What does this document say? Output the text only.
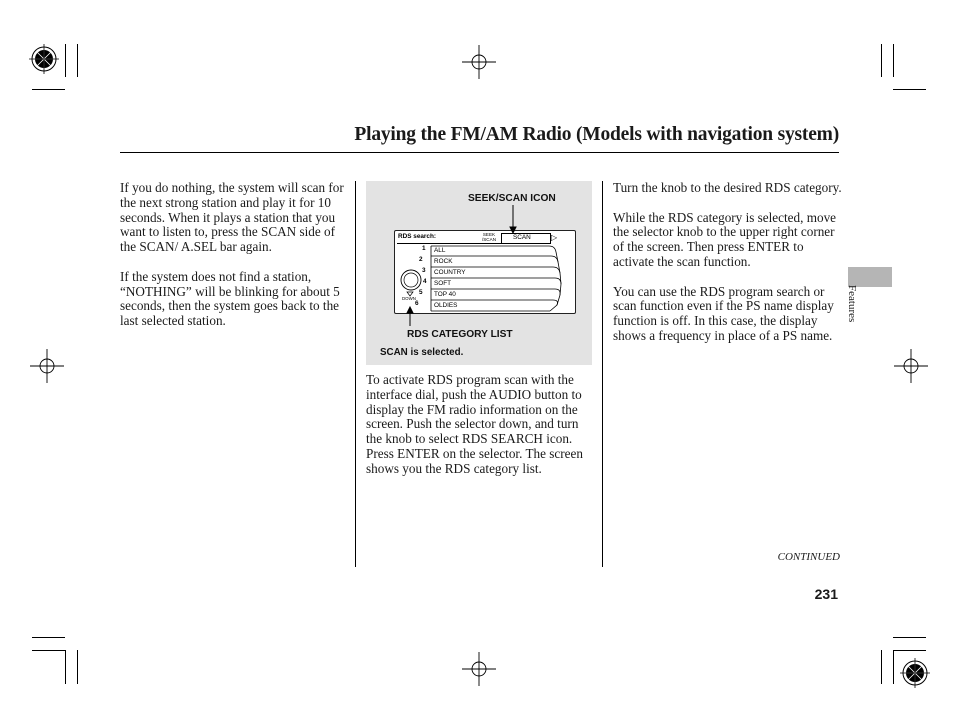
Playing the FM/AM Radio (Models with navigation system)

If you do nothing, the system will scan for the next strong station and play it for 10 seconds. When it plays a station that you want to listen to, press the SCAN side of the SCAN/ A.SEL bar again.

If the system does not find a station, “NOTHING” will be blinking for about 5 seconds, then the system goes back to the last selected station.

SEEK/SCAN ICON
RDS search:	SEEK /SCAN	SCAN	▷
DOWN
1
2
3
4
5
6
ALL
ROCK
COUNTRY
SOFT
TOP 40
OLDIES
RDS CATEGORY LIST
SCAN is selected.

To activate RDS program scan with the interface dial, push the AUDIO button to display the FM radio information on the screen. Push the selector down, and turn the knob to select RDS SEARCH icon. Press ENTER on the selector. The screen shows you the RDS category list.

Turn the knob to the desired RDS category.

While the RDS category is selected, move the selector knob to the upper right corner of the screen. Then press ENTER to activate the scan function.

You can use the RDS program search or scan function even if the PS name display function is off. In this case, the display shows a frequency in place of a PS name.

Features
CONTINUED
231
